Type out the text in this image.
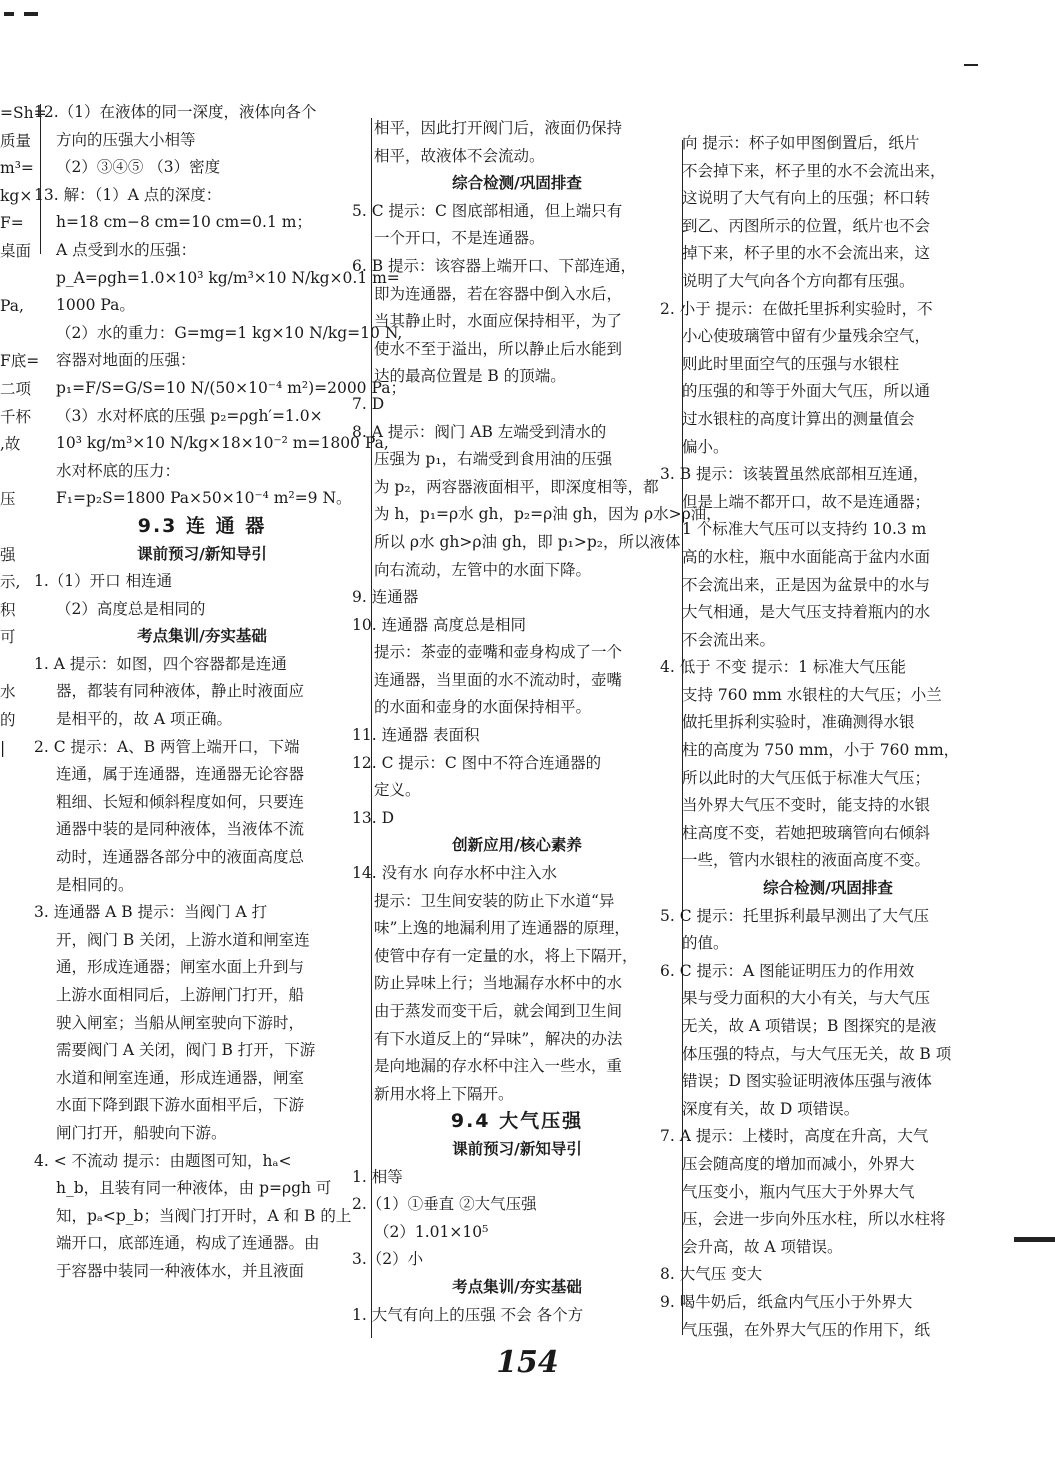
=Sh=
质量
m³=
kg×
F=
桌面

Pa,

F底=
二项
千杯
,故

压

强
示,
积
可

水
的
|

12.（1）在液体的同一深度，液体向各个
方向的压强大小相等
（2）③④⑤ （3）密度
13. 解：（1）A 点的深度：
h=18 cm−8 cm=10 cm=0.1 m；
A 点受到水的压强：
p_A=ρgh=1.0×10³ kg/m³×10 N/kg×0.1 m=
1000 Pa。
（2）水的重力：G=mg=1 kg×10 N/kg=10 N,
容器对地面的压强：
p₁=F/S=G/S=10 N/(50×10⁻⁴ m²)=2000 Pa；
（3）水对杯底的压强 p₂=ρgh′=1.0×
10³ kg/m³×10 N/kg×18×10⁻² m=1800 Pa,
水对杯底的压力：
F₁=p₂S=1800 Pa×50×10⁻⁴ m²=9 N。
9.3 连 通 器
课前预习/新知导引
1.（1）开口 相连通
（2）高度总是相同的
考点集训/夯实基础
1. A 提示：如图，四个容器都是连通
器，都装有同种液体，静止时液面应
是相平的，故 A 项正确。
2. C 提示：A、B 两管上端开口，下端
连通，属于连通器，连通器无论容器
粗细、长短和倾斜程度如何，只要连
通器中装的是同种液体，当液体不流
动时，连通器各部分中的液面高度总
是相同的。
3. 连通器 A B 提示：当阀门 A 打
开，阀门 B 关闭，上游水道和闸室连
通，形成连通器；闸室水面上升到与
上游水面相同后，上游闸门打开，船
驶入闸室；当船从闸室驶向下游时，
需要阀门 A 关闭，阀门 B 打开，下游
水道和闸室连通，形成连通器，闸室
水面下降到跟下游水面相平后，下游
闸门打开，船驶向下游。
4. < 不流动 提示：由题图可知，hₐ<
h_b，且装有同一种液体，由 p=ρgh 可
知，pₐ<p_b；当阀门打开时，A 和 B 的上
端开口，底部连通，构成了连通器。由
于容器中装同一种液体水，并且液面
相平，因此打开阀门后，液面仍保持
相平，故液体不会流动。
综合检测/巩固排查
5. C 提示：C 图底部相通，但上端只有
一个开口，不是连通器。
6. B 提示：该容器上端开口、下部连通，
即为连通器，若在容器中倒入水后，
当其静止时，水面应保持相平，为了
使水不至于溢出，所以静止后水能到
达的最高位置是 B 的顶端。
7. D
8. A 提示：阀门 AB 左端受到清水的
压强为 p₁，右端受到食用油的压强
为 p₂，两容器液面相平，即深度相等，都
为 h，p₁=ρ水 gh，p₂=ρ油 gh，因为 ρ水>ρ油，
所以 ρ水 gh>ρ油 gh，即 p₁>p₂，所以液体
向右流动，左管中的水面下降。
9. 连通器
10. 连通器 高度总是相同
提示：茶壶的壶嘴和壶身构成了一个
连通器，当里面的水不流动时，壶嘴
的水面和壶身的水面保持相平。
11. 连通器 表面积
12. C 提示：C 图中不符合连通器的
定义。
13. D
创新应用/核心素养
14. 没有水 向存水杯中注入水
提示：卫生间安装的防止下水道“异
味”上逸的地漏利用了连通器的原理，
使管中存有一定量的水，将上下隔开，
防止异味上行；当地漏存水杯中的水
由于蒸发而变干后，就会闻到卫生间
有下水道反上的“异味”，解决的办法
是向地漏的存水杯中注入一些水，重
新用水将上下隔开。
9.4 大气压强
课前预习/新知导引
1. 相等
2.（1）①垂直 ②大气压强
（2）1.01×10⁵
3.（2）小
考点集训/夯实基础
1. 大气有向上的压强 不会 各个方
向 提示：杯子如甲图倒置后，纸片
不会掉下来，杯子里的水不会流出来，
这说明了大气有向上的压强；杯口转
到乙、丙图所示的位置，纸片也不会
掉下来，杯子里的水不会流出来，这
说明了大气向各个方向都有压强。
2. 小于 提示：在做托里拆利实验时，不
小心使玻璃管中留有少量残余空气，
则此时里面空气的压强与水银柱
的压强的和等于外面大气压，所以通
过水银柱的高度计算出的测量值会
偏小。
3. B 提示：该装置虽然底部相互连通，
但是上端不都开口，故不是连通器；
1 个标准大气压可以支持约 10.3 m
高的水柱，瓶中水面能高于盆内水面
不会流出来，正是因为盆景中的水与
大气相通，是大气压支持着瓶内的水
不会流出来。
4. 低于 不变 提示：1 标准大气压能
支持 760 mm 水银柱的大气压；小兰
做托里拆利实验时，准确测得水银
柱的高度为 750 mm，小于 760 mm，
所以此时的大气压低于标准大气压；
当外界大气压不变时，能支持的水银
柱高度不变，若她把玻璃管向右倾斜
一些，管内水银柱的液面高度不变。
综合检测/巩固排查
5. C 提示：托里拆利最早测出了大气压
的值。
6. C 提示：A 图能证明压力的作用效
果与受力面积的大小有关，与大气压
无关，故 A 项错误；B 图探究的是液
体压强的特点，与大气压无关，故 B 项
错误；D 图实验证明液体压强与液体
深度有关，故 D 项错误。
7. A 提示：上楼时，高度在升高，大气
压会随高度的增加而减小，外界大
气压变小，瓶内气压大于外界大气
压，会进一步向外压水柱，所以水柱将
会升高，故 A 项错误。
8. 大气压 变大
9. 喝牛奶后，纸盒内气压小于外界大
气压强，在外界大气压的作用下，纸
154
